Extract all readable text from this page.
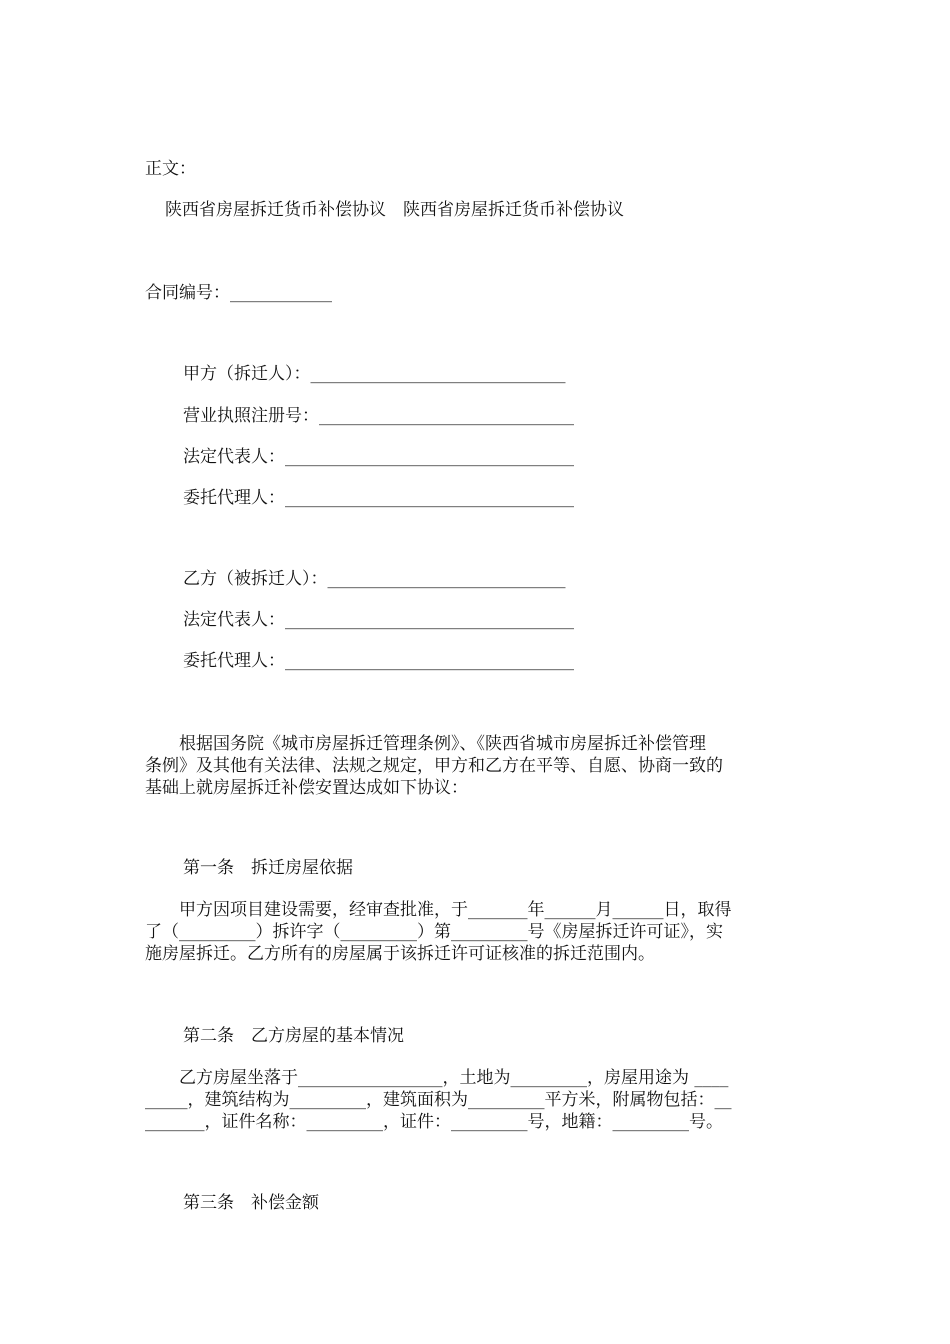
正文：
陕西省房屋拆迁货币补偿协议　陕西省房屋拆迁货币补偿协议
合同编号：____________
甲方（拆迁人）：______________________________
营业执照注册号：______________________________
法定代表人：__________________________________
委托代理人：__________________________________
乙方（被拆迁人）：____________________________
法定代表人：__________________________________
委托代理人：__________________________________
　　根据国务院《城市房屋拆迁管理条例》、《陕西省城市房屋拆迁补偿管理
条例》及其他有关法律、法规之规定，甲方和乙方在平等、自愿、协商一致的
基础上就房屋拆迁补偿安置达成如下协议：
第一条　拆迁房屋依据
　　甲方因项目建设需要，经审查批准，于_______年______月______日，取得
了（_________）拆许字（_________）第_________号《房屋拆迁许可证》，实
施房屋拆迁。乙方所有的房屋属于该拆迁许可证核准的拆迁范围内。
第二条　乙方房屋的基本情况
　　乙方房屋坐落于_________________，土地为_________，房屋用途为 ____
_____，建筑结构为_________，建筑面积为_________平方米，附属物包括：__
_______，证件名称：_________，证件：_________号，地籍：_________号。
第三条　补偿金额
